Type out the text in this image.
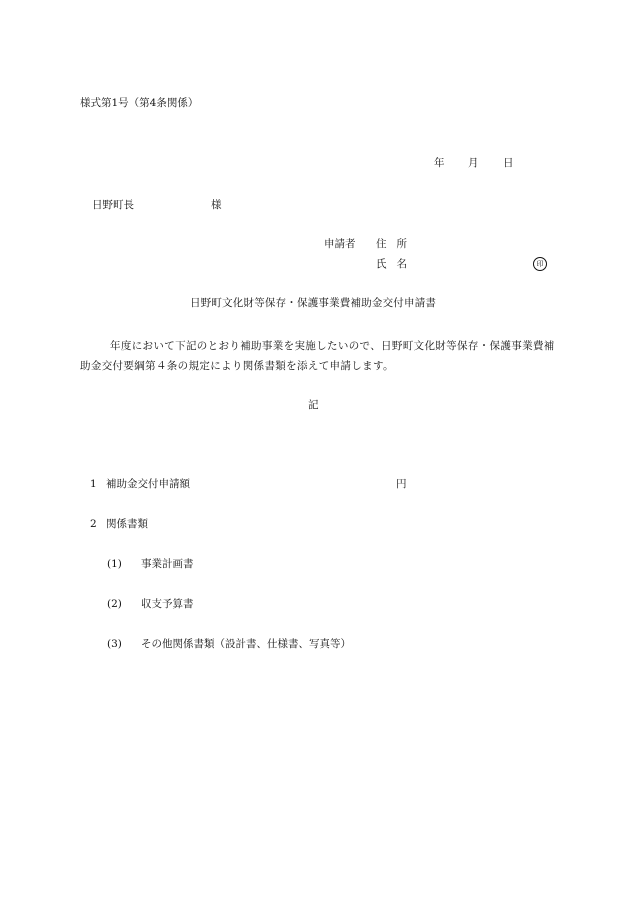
様式第1号（第4条関係）
年 月 日
日野町長	様
申請者 住所
氏名	印
日野町文化財等保存・保護事業費補助金交付申請書
年度において下記のとおり補助事業を実施したいので、日野町文化財等保存・保護事業費補助金交付要綱第４条の規定により関係書類を添えて申請します。
記
1 補助金交付申請額	円
2 関係書類
(1) 事業計画書
(2) 収支予算書
(3) その他関係書類（設計書、仕様書、写真等）
